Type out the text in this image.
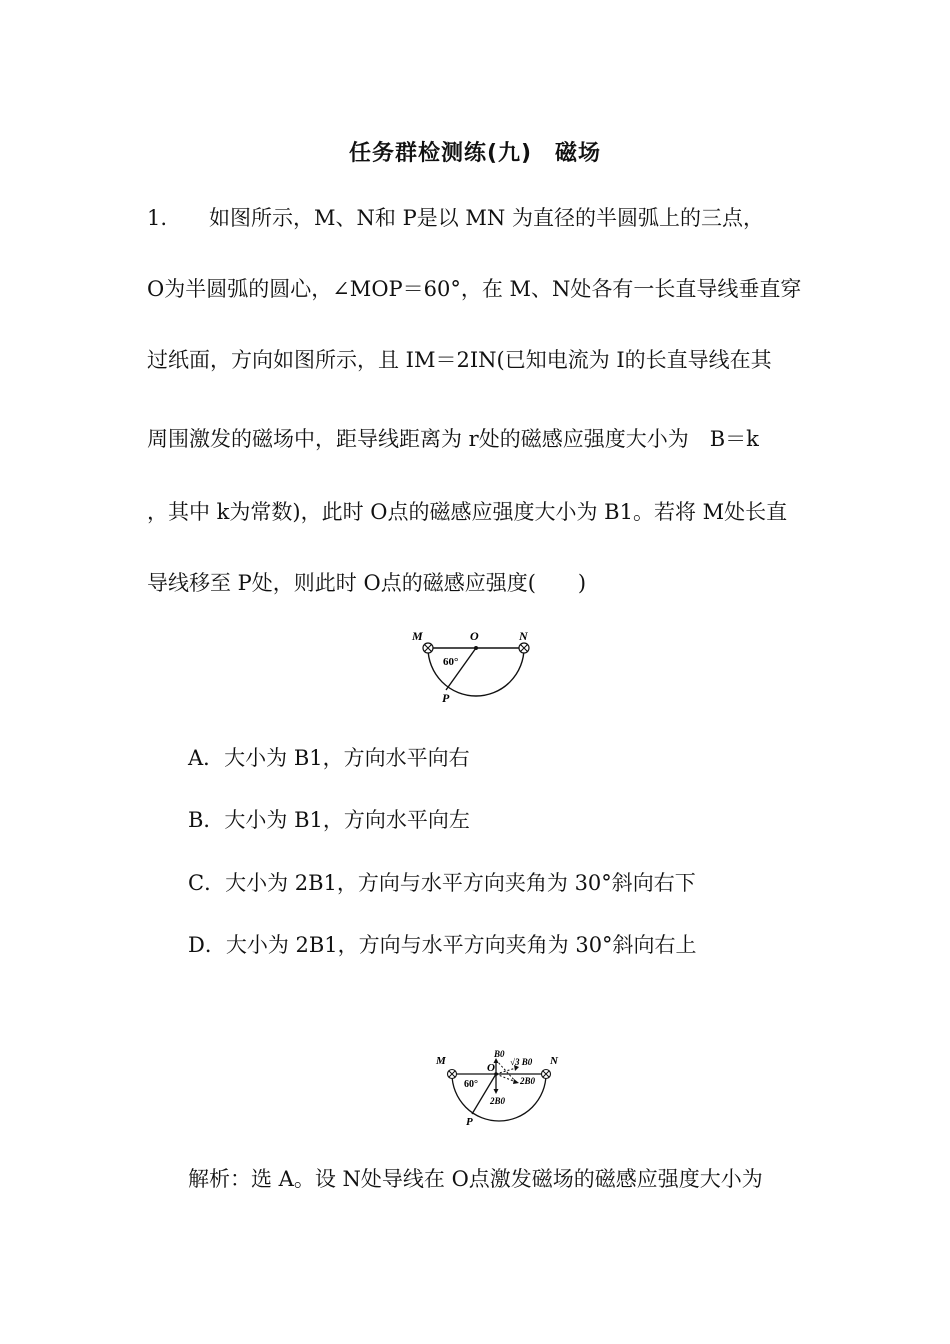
任务群检测练(九)　磁场
1.　　如图所示，M、N和 P是以 MN 为直径的半圆弧上的三点，
O为半圆弧的圆心，∠MOP＝60°，在 M、N处各有一长直导线垂直穿
过纸面，方向如图所示，且 IM＝2IN(已知电流为 I的长直导线在其
周围激发的磁场中，距导线距离为 r处的磁感应强度大小为　B＝k
，其中 k为常数)，此时 O点的磁感应强度大小为 B1。若将 M处长直
导线移至 P处，则此时 O点的磁感应强度(　　)
M	O	N
P
60°
A．大小为 B1，方向水平向右
B．大小为 B1，方向水平向左
C．大小为 2B1，方向与水平方向夹角为 30°斜向右下
D．大小为 2B1，方向与水平方向夹角为 30°斜向右上
M
O
N
P
60°
B0
√3 B0
2B0
2B0
解析：选 A。设 N处导线在 O点激发磁场的磁感应强度大小为
